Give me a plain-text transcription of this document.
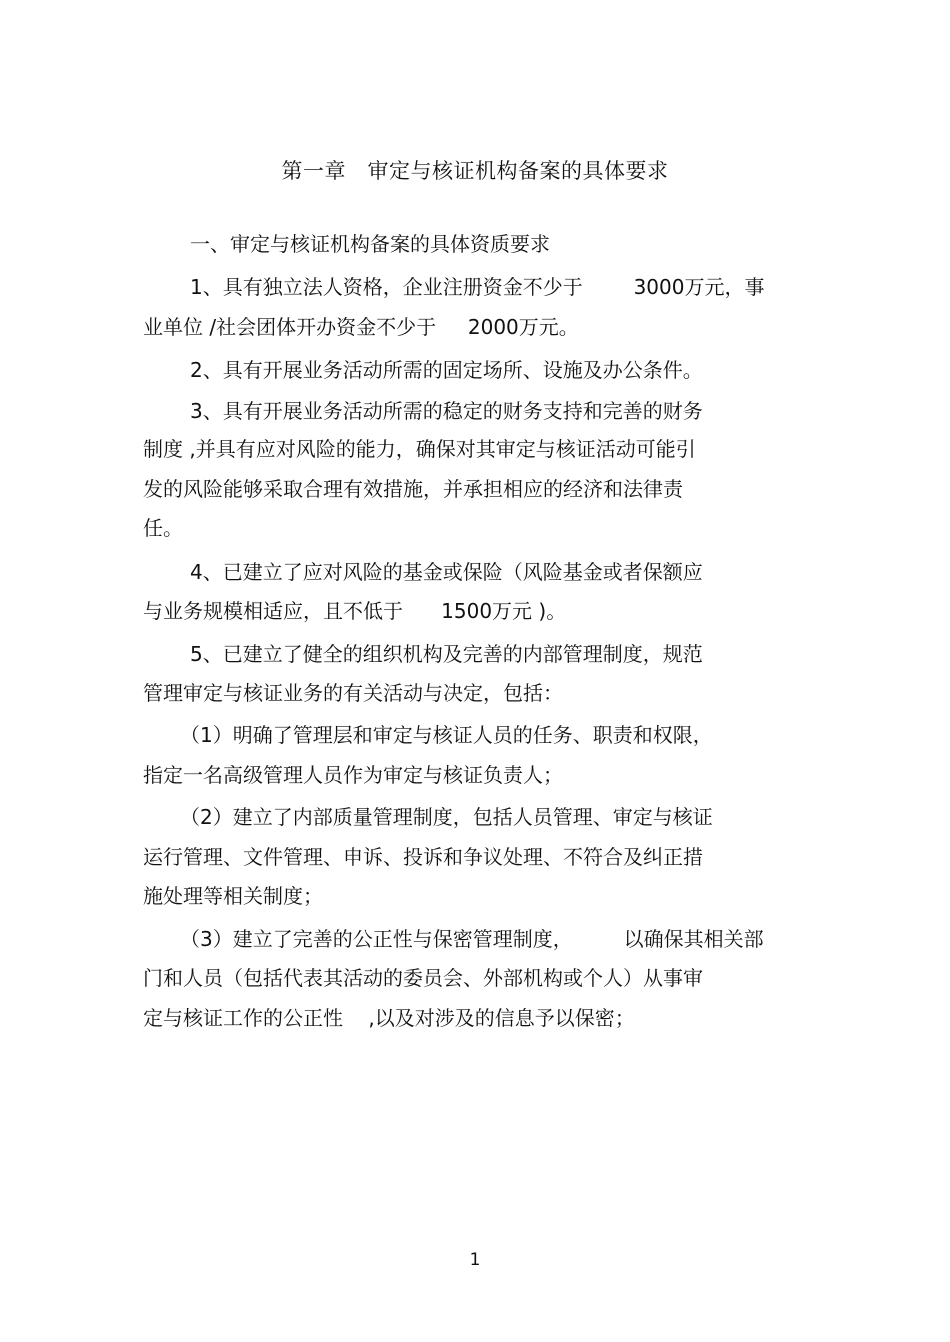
第一章   审定与核证机构备案的具体要求
一、审定与核证机构备案的具体资质要求
1、具有独立法人资格，企业注册资金不少于        3000万元，事
业单位 /社会团体开办资金不少于     2000万元。
2、具有开展业务活动所需的固定场所、设施及办公条件。
3、具有开展业务活动所需的稳定的财务支持和完善的财务
制度 ,并具有应对风险的能力，确保对其审定与核证活动可能引
发的风险能够采取合理有效措施，并承担相应的经济和法律责
任。
4、已建立了应对风险的基金或保险（风险基金或者保额应
与业务规模相适应，且不低于      1500万元 )。
5、已建立了健全的组织机构及完善的内部管理制度，规范
管理审定与核证业务的有关活动与决定，包括：
（1）明确了管理层和审定与核证人员的任务、职责和权限，
指定一名高级管理人员作为审定与核证负责人；
（2）建立了内部质量管理制度，包括人员管理、审定与核证
运行管理、文件管理、申诉、投诉和争议处理、不符合及纠正措
施处理等相关制度；
（3）建立了完善的公正性与保密管理制度，        以确保其相关部
门和人员（包括代表其活动的委员会、外部机构或个人）从事审
定与核证工作的公正性    ,以及对涉及的信息予以保密；
1
